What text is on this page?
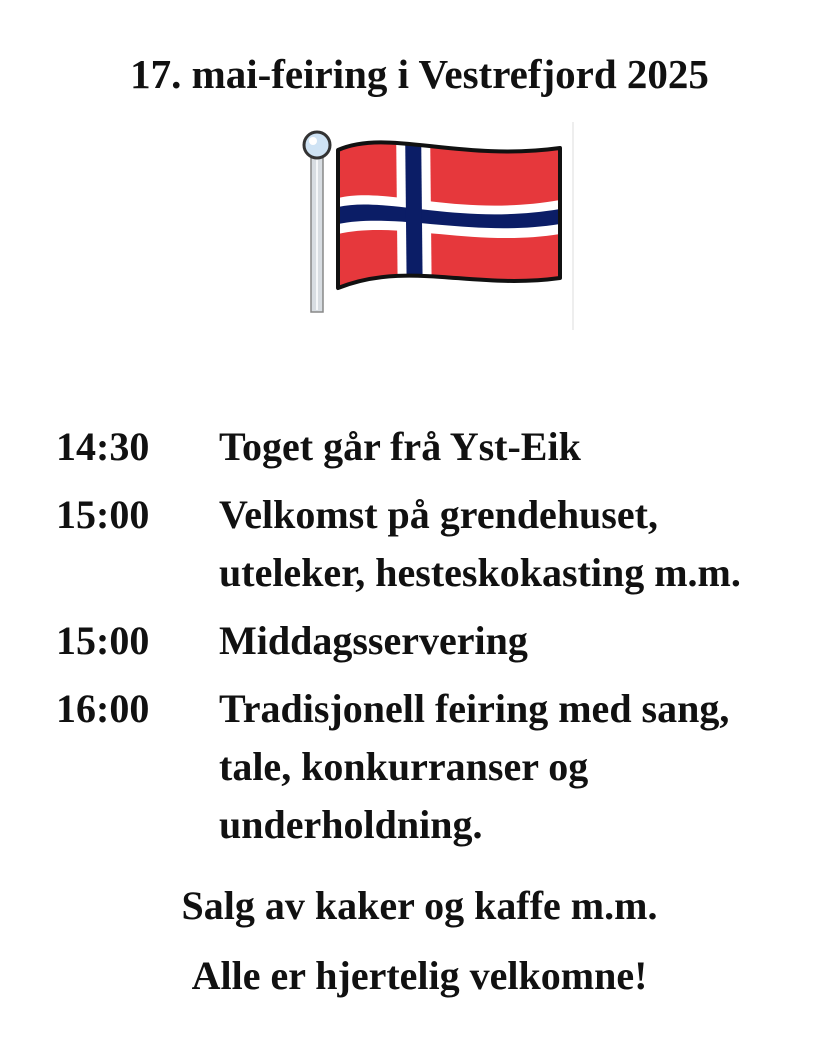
17. mai-feiring i Vestrefjord 2025
14:30	Toget går frå Yst-Eik
15:00	Velkomst på grendehuset,
uteleker, hesteskokasting m.m.
15:00	Middagsservering
16:00	Tradisjonell feiring med sang,
tale, konkurranser og
underholdning.
Salg av kaker og kaffe m.m.
Alle er hjertelig velkomne!
